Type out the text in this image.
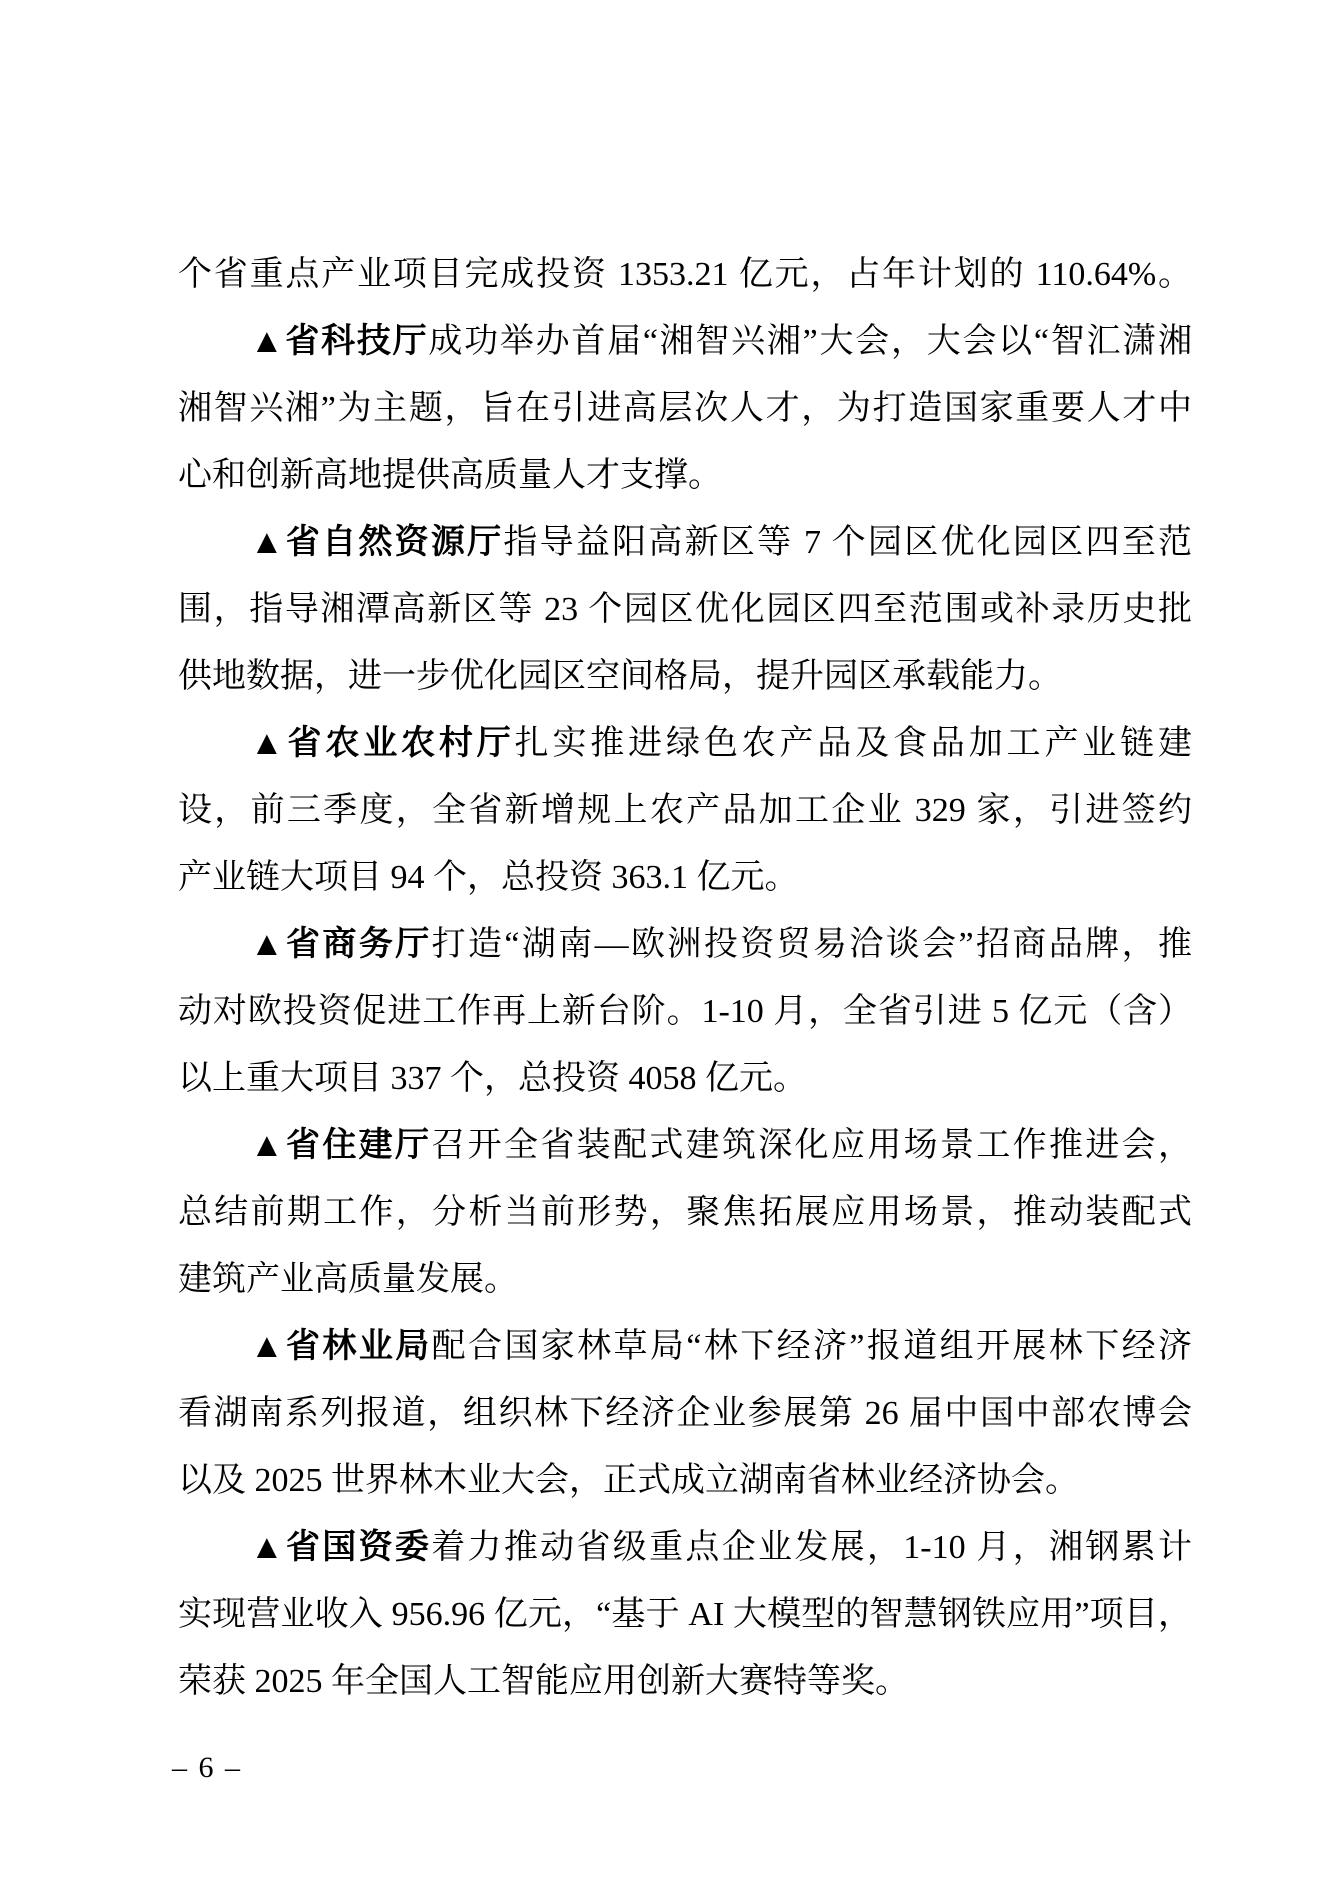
个省重点产业项目完成投资 1353.21 亿元，占年计划的 110.64%。
▲省科技厅成功举办首届“湘智兴湘”大会，大会以“智汇潇湘
湘智兴湘”为主题，旨在引进高层次人才，为打造国家重要人才中
心和创新高地提供高质量人才支撑。
▲省自然资源厅指导益阳高新区等 7 个园区优化园区四至范
围，指导湘潭高新区等 23 个园区优化园区四至范围或补录历史批
供地数据，进一步优化园区空间格局，提升园区承载能力。
▲省农业农村厅扎实推进绿色农产品及食品加工产业链建
设，前三季度，全省新增规上农产品加工企业 329 家，引进签约
产业链大项目 94 个，总投资 363.1 亿元。
▲省商务厅打造“湖南—欧洲投资贸易洽谈会”招商品牌，推
动对欧投资促进工作再上新台阶。1-10 月，全省引进 5 亿元（含）
以上重大项目 337 个，总投资 4058 亿元。
▲省住建厅召开全省装配式建筑深化应用场景工作推进会，
总结前期工作，分析当前形势，聚焦拓展应用场景，推动装配式
建筑产业高质量发展。
▲省林业局配合国家林草局“林下经济”报道组开展林下经济
看湖南系列报道，组织林下经济企业参展第 26 届中国中部农博会
以及 2025 世界林木业大会，正式成立湖南省林业经济协会。
▲省国资委着力推动省级重点企业发展，1-10 月，湘钢累计
实现营业收入 956.96 亿元，“基于 AI 大模型的智慧钢铁应用”项目，
荣获 2025 年全国人工智能应用创新大赛特等奖。
– 6 –
